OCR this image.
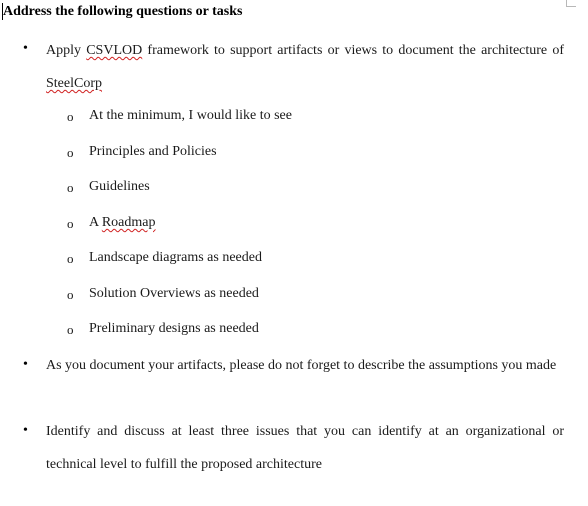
Address the following questions or tasks
• Apply CSVLOD framework to support artifacts or views to document the architecture of SteelCorp
o At the minimum, I would like to see
o Principles and Policies
o Guidelines
o A Roadmap
o Landscape diagrams as needed
o Solution Overviews as needed
o Preliminary designs as needed
• As you document your artifacts, please do not forget to describe the assumptions you made
• Identify and discuss at least three issues that you can identify at an organizational or technical level to fulfill the proposed architecture
